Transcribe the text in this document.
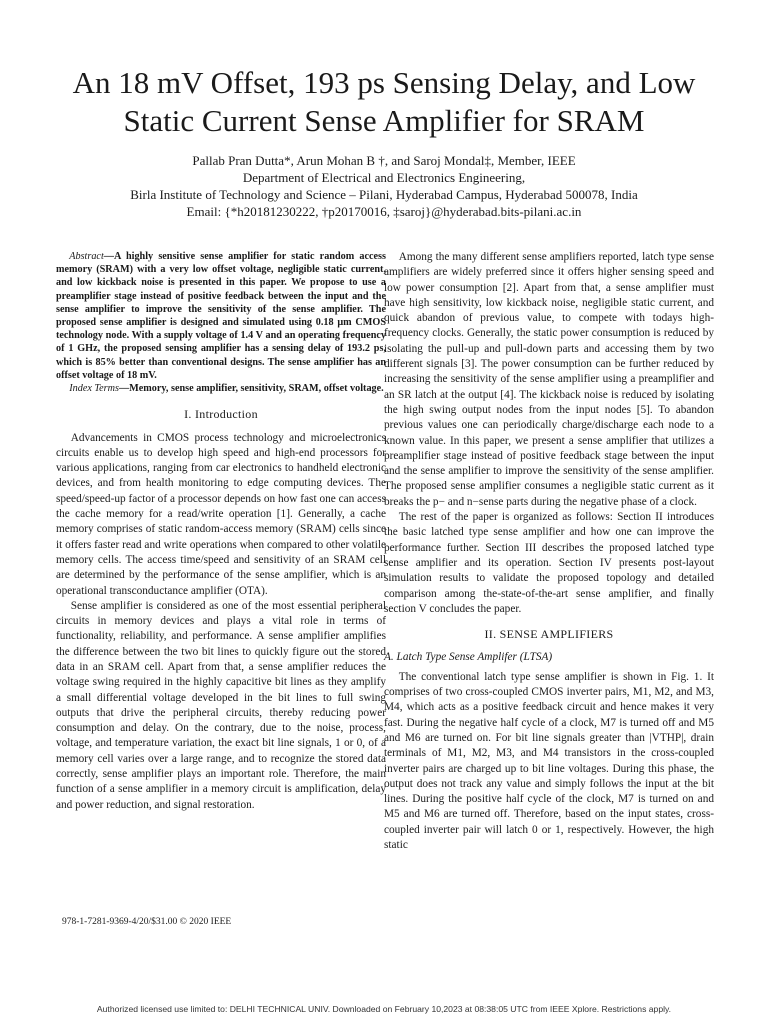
An 18 mV Offset, 193 ps Sensing Delay, and Low
Static Current Sense Amplifier for SRAM
Pallab Pran Dutta*, Arun Mohan B †, and Saroj Mondal‡, Member, IEEE
Department of Electrical and Electronics Engineering,
Birla Institute of Technology and Science – Pilani, Hyderabad Campus, Hyderabad 500078, India
Email: {*h20181230222, †p20170016, ‡saroj}@hyderabad.bits-pilani.ac.in

Abstract—A highly sensitive sense amplifier for static random access memory (SRAM) with a very low offset voltage, negligible static current, and low kickback noise is presented in this paper. We propose to use a preamplifier stage instead of positive feedback between the input and the sense amplifier to improve the sensitivity of the sense amplifier. The proposed sense amplifier is designed and simulated using 0.18 μm CMOS technology node. With a supply voltage of 1.4 V and an operating frequency of 1 GHz, the proposed sensing amplifier has a sensing delay of 193.2 ps, which is 85% better than conventional designs. The sense amplifier has an offset voltage of 18 mV.

Index Terms—Memory, sense amplifier, sensitivity, SRAM, offset voltage.

I. Introduction

Advancements in CMOS process technology and microelectronics circuits enable us to develop high speed and high-end processors for various applications, ranging from car electronics to handheld electronic devices, and from health monitoring to edge computing devices. The speed/speed-up factor of a processor depends on how fast one can access the cache memory for a read/write operation [1]. Generally, a cache memory comprises of static random-access memory (SRAM) cells since it offers faster read and write operations when compared to other volatile memory cells. The access time/speed and sensitivity of an SRAM cell are determined by the performance of the sense amplifier, which is an operational transconductance amplifier (OTA).

Sense amplifier is considered as one of the most essential peripheral circuits in memory devices and plays a vital role in terms of functionality, reliability, and performance. A sense amplifier amplifies the difference between the two bit lines to quickly figure out the stored data in an SRAM cell. Apart from that, a sense amplifier reduces the voltage swing required in the highly capacitive bit lines as they amplify a small differential voltage developed in the bit lines to full swing outputs that drive the peripheral circuits, thereby reducing power consumption and delay. On the contrary, due to the noise, process, voltage, and temperature variation, the exact bit line signals, 1 or 0, of a memory cell varies over a large range, and to recognize the stored data correctly, sense amplifier plays an important role. Therefore, the main function of a sense amplifier in a memory circuit is amplification, delay and power reduction, and signal restoration.

978-1-7281-9369-4/20/$31.00 © 2020 IEEE

Among the many different sense amplifiers reported, latch type sense amplifiers are widely preferred since it offers higher sensing speed and low power consumption [2]. Apart from that, a sense amplifier must have high sensitivity, low kickback noise, negligible static current, and quick abandon of previous value, to compete with todays high-frequency clocks. Generally, the static power consumption is reduced by isolating the pull-up and pull-down parts and accessing them by two different signals [3]. The power consumption can be further reduced by increasing the sensitivity of the sense amplifier using a preamplifier and an SR latch at the output [4]. The kickback noise is reduced by isolating the high swing output nodes from the input nodes [5]. To abandon previous values one can periodically charge/discharge each node to a known value. In this paper, we present a sense amplifier that utilizes a preamplifier stage instead of positive feedback stage between the input and the sense amplifier to improve the sensitivity of the sense amplifier. The proposed sense amplifier consumes a negligible static current as it breaks the p− and n−sense parts during the negative phase of a clock.

The rest of the paper is organized as follows: Section II introduces the basic latched type sense amplifier and how one can improve the performance further. Section III describes the proposed latched type sense amplifier and its operation. Section IV presents post-layout simulation results to validate the proposed topology and detailed comparison among the-state-of-the-art sense amplifier, and finally section V concludes the paper.

II. SENSE AMPLIFIERS
A. Latch Type Sense Amplifer (LTSA)

The conventional latch type sense amplifier is shown in Fig. 1. It comprises of two cross-coupled CMOS inverter pairs, M1, M2, and M3, M4, which acts as a positive feedback circuit and hence makes it very fast. During the negative half cycle of a clock, M7 is turned off and M5 and M6 are turned on. For bit line signals greater than |VTHP|, drain terminals of M1, M2, M3, and M4 transistors in the cross-coupled inverter pairs are charged up to bit line voltages. During this phase, the output does not track any value and simply follows the input at the bit lines. During the positive half cycle of the clock, M7 is turned on and M5 and M6 are turned off. Therefore, based on the input states, cross-coupled inverter pair will latch 0 or 1, respectively. However, the high static

Authorized licensed use limited to: DELHI TECHNICAL UNIV. Downloaded on February 10,2023 at 08:38:05 UTC from IEEE Xplore. Restrictions apply.
